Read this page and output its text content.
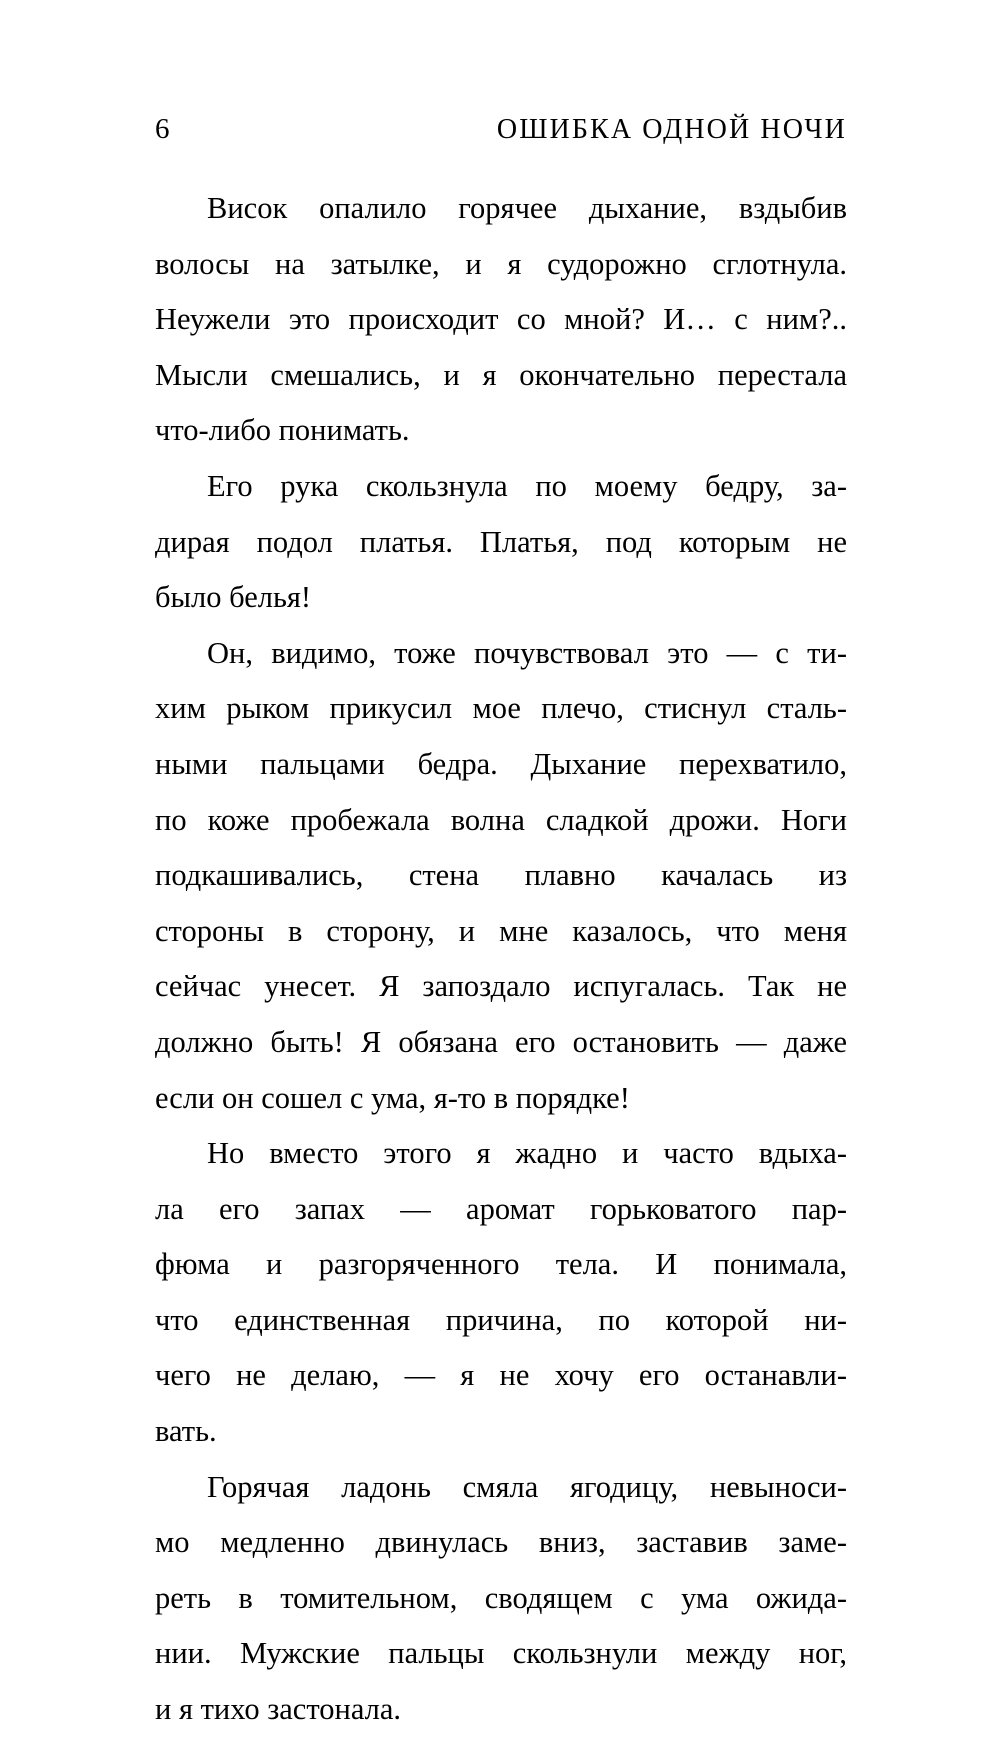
6	ОШИБКА ОДНОЙ НОЧИ

Висок опалило горячее дыхание, вздыбив
волосы на затылке, и я судорожно сглотнула.
Неужели это происходит со мной? И… с ним?..
Мысли смешались, и я окончательно перестала
что-либо понимать.

Его рука скользнула по моему бедру, за-
дирая подол платья. Платья, под которым не
было белья!

Он, видимо, тоже почувствовал это — с ти-
хим рыком прикусил мое плечо, стиснул сталь-
ными пальцами бедра. Дыхание перехватило,
по коже пробежала волна сладкой дрожи. Ноги
подкашивались, стена плавно качалась из
стороны в сторону, и мне казалось, что меня
сейчас унесет. Я запоздало испугалась. Так не
должно быть! Я обязана его остановить — даже
если он сошел с ума, я-то в порядке!

Но вместо этого я жадно и часто вдыха-
ла его запах — аромат горьковатого пар-
фюма и разгоряченного тела. И понимала,
что единственная причина, по которой ни-
чего не делаю, — я не хочу его останавли-
вать.

Горячая ладонь смяла ягодицу, невыноси-
мо медленно двинулась вниз, заставив заме-
реть в томительном, сводящем с ума ожида-
нии. Мужские пальцы скользнули между ног,
и я тихо застонала.
